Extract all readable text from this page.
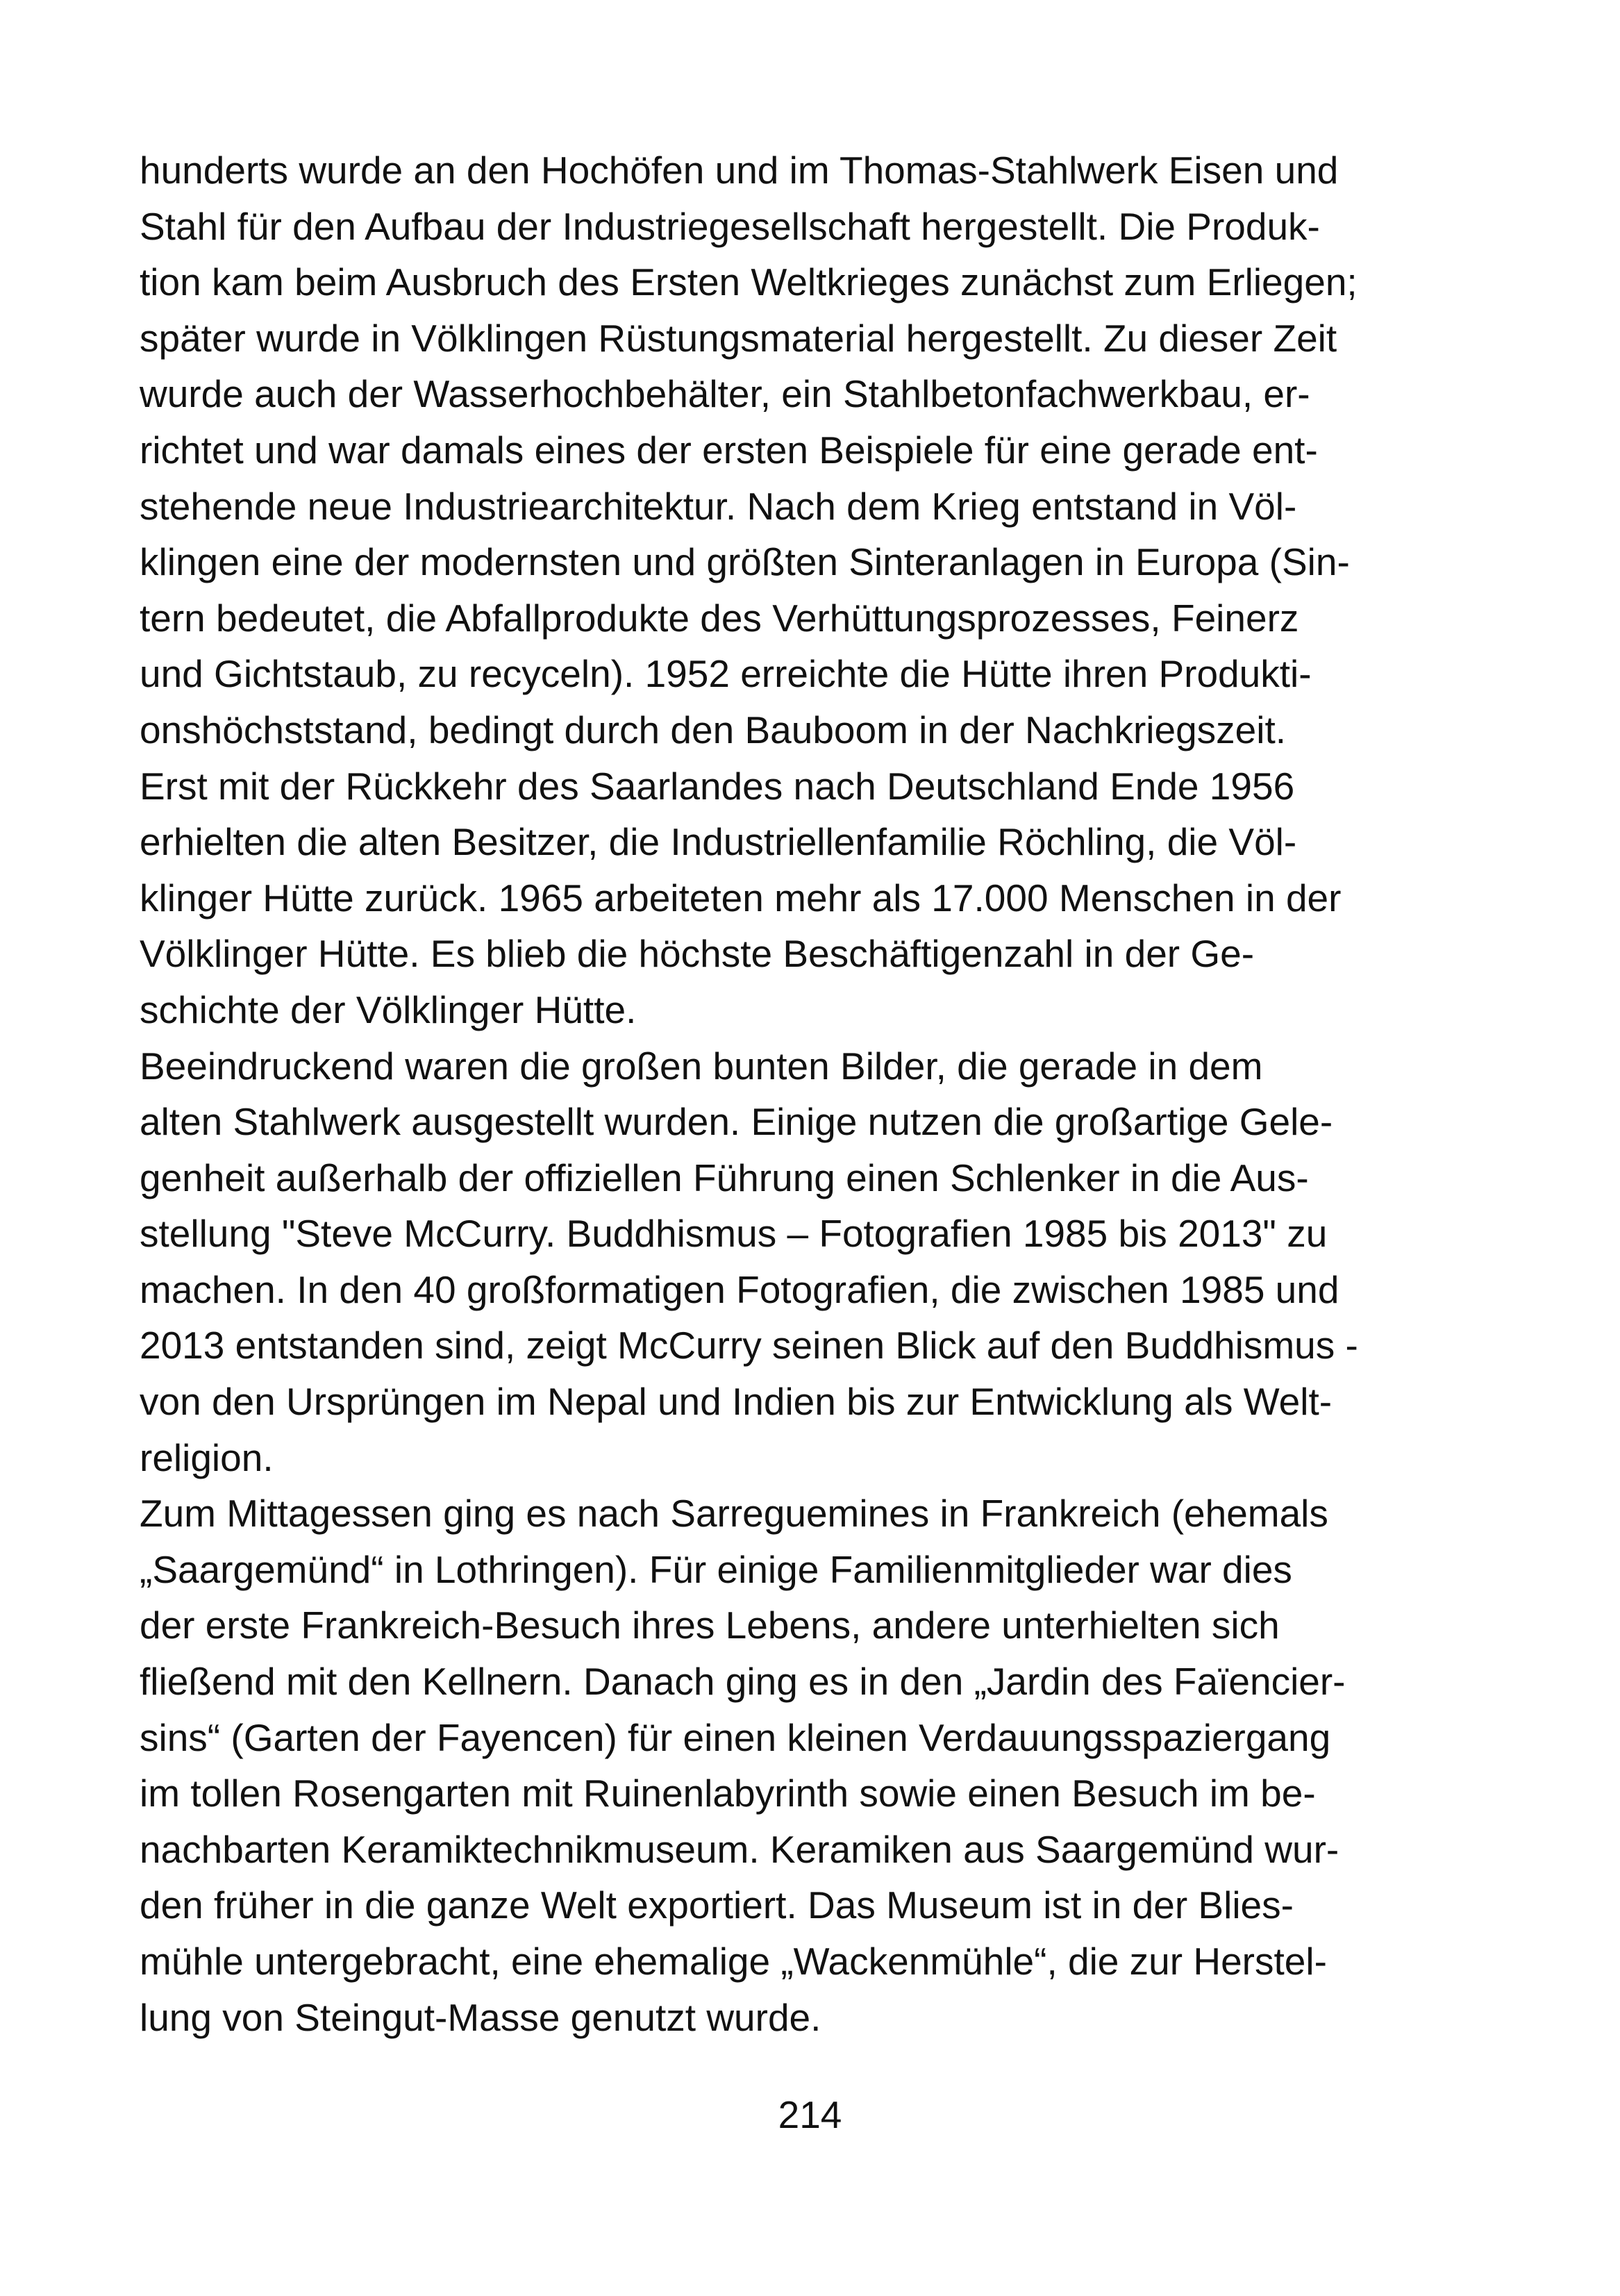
hunderts wurde an den Hochöfen und im Thomas-Stahlwerk Eisen und
Stahl für den Aufbau der Industriegesellschaft hergestellt. Die Produk-
tion kam beim Ausbruch des Ersten Weltkrieges zunächst zum Erliegen;
später wurde in Völklingen Rüstungsmaterial hergestellt. Zu dieser Zeit
wurde auch der Wasserhochbehälter, ein Stahlbetonfachwerkbau, er-
richtet und war damals eines der ersten Beispiele für eine gerade ent-
stehende neue Industriearchitektur. Nach dem Krieg entstand in Völ-
klingen eine der modernsten und größten Sinteranlagen in Europa (Sin-
tern bedeutet, die Abfallprodukte des Verhüttungsprozesses, Feinerz
und Gichtstaub, zu recyceln). 1952 erreichte die Hütte ihren Produkti-
onshöchststand, bedingt durch den Bauboom in der Nachkriegszeit.
Erst mit der Rückkehr des Saarlandes nach Deutschland Ende 1956
erhielten die alten Besitzer, die Industriellenfamilie Röchling, die Völ-
klinger Hütte zurück. 1965 arbeiteten mehr als 17.000 Menschen in der
Völklinger Hütte. Es blieb die höchste Beschäftigenzahl in der Ge-
schichte der Völklinger Hütte.
Beeindruckend waren die großen bunten Bilder, die gerade in dem
alten Stahlwerk ausgestellt wurden. Einige nutzen die großartige Gele-
genheit außerhalb der offiziellen Führung einen Schlenker in die Aus-
stellung "Steve McCurry. Buddhismus – Fotografien 1985 bis 2013" zu
machen. In den 40 großformatigen Fotografien, die zwischen 1985 und
2013 entstanden sind, zeigt McCurry seinen Blick auf den Buddhismus -
von den Ursprüngen im Nepal und Indien bis zur Entwicklung als Welt-
religion.
Zum Mittagessen ging es nach Sarreguemines in Frankreich (ehemals
„Saargemünd“ in Lothringen). Für einige Familienmitglieder war dies
der erste Frankreich-Besuch ihres Lebens, andere unterhielten sich
fließend mit den Kellnern. Danach ging es in den „Jardin des Faïencier-
sins“ (Garten der Fayencen) für einen kleinen Verdauungsspaziergang
im tollen Rosengarten mit Ruinenlabyrinth sowie einen Besuch im be-
nachbarten Keramiktechnikmuseum. Keramiken aus Saargemünd wur-
den früher in die ganze Welt exportiert. Das Museum ist in der Blies-
mühle untergebracht, eine ehemalige „Wackenmühle“, die zur Herstel-
lung von Steingut-Masse genutzt wurde.
214
